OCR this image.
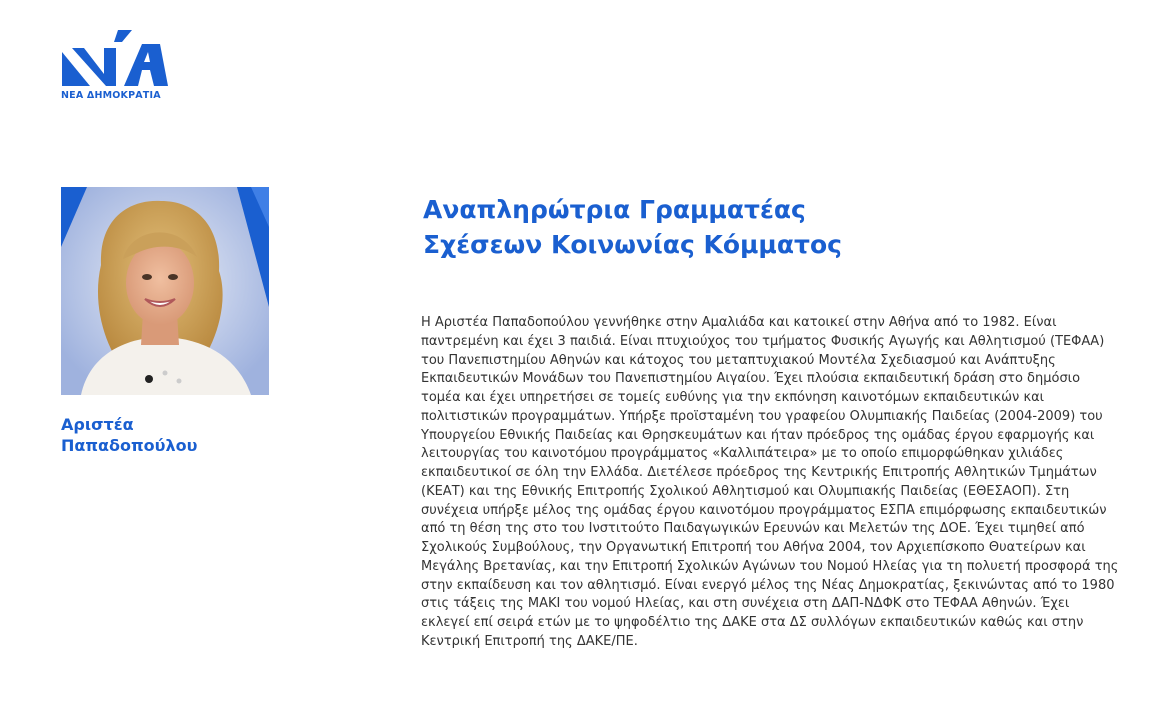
ΝΕΑ ΔΗΜΟΚΡΑΤΙΑ
Αριστέα
Παπαδοπούλου
Αναπληρώτρια Γραμματέας
Σχέσεων Κοινωνίας Κόμματος

Η Αριστέα Παπαδοπούλου γεννήθηκε στην Αμαλιάδα και κατοικεί στην Αθήνα από το 1982. Είναι παντρεμένη και έχει 3 παιδιά. Είναι πτυχιούχος του τμήματος Φυσικής Αγωγής και Αθλητισμού (ΤΕΦΑΑ) του Πανεπιστημίου Αθηνών και κάτοχος του μεταπτυχιακού Μοντέλα Σχεδιασμού και Ανάπτυξης Εκπαιδευτικών Μονάδων του Πανεπιστημίου Αιγαίου. Έχει πλούσια εκπαιδευτική δράση στο δημόσιο τομέα και έχει υπηρετήσει σε τομείς ευθύνης για την εκπόνηση καινοτόμων εκπαιδευτικών και πολιτιστικών προγραμμάτων. Υπήρξε προϊσταμένη του γραφείου Ολυμπιακής Παιδείας (2004-2009) του Υπουργείου Εθνικής Παιδείας και Θρησκευμάτων και ήταν πρόεδρος της ομάδας έργου εφαρμογής και λειτουργίας του καινοτόμου προγράμματος «Καλλιπάτειρα» με το οποίο επιμορφώθηκαν χιλιάδες εκπαιδευτικοί σε όλη την Ελλάδα. Διετέλεσε πρόεδρος της Κεντρικής Επιτροπής Αθλητικών Τμημάτων (ΚΕΑΤ) και της Εθνικής Επιτροπής Σχολικού Αθλητισμού και Ολυμπιακής Παιδείας (ΕΘΕΣΑΟΠ). Στη συνέχεια υπήρξε μέλος της ομάδας έργου καινοτόμου προγράμματος ΕΣΠΑ επιμόρφωσης εκπαιδευτικών από τη θέση της στο του Ινστιτούτο Παιδαγωγικών Ερευνών και Μελετών της ΔΟΕ. Έχει τιμηθεί από Σχολικούς Συμβούλους, την Οργανωτική Επιτροπή του Αθήνα 2004, τον Αρχιεπίσκοπο Θυατείρων και Μεγάλης Βρετανίας, και την Επιτροπή Σχολικών Αγώνων του Νομού Ηλείας για τη πολυετή προσφορά της στην εκπαίδευση και τον αθλητισμό. Είναι ενεργό μέλος της Νέας Δημοκρατίας, ξεκινώντας από το 1980 στις τάξεις της ΜΑΚΙ του νομού Ηλείας, και στη συνέχεια στη ΔΑΠ-ΝΔΦΚ στο ΤΕΦΑΑ Αθηνών. Έχει εκλεγεί επί σειρά ετών με το ψηφοδέλτιο της ΔΑΚΕ στα ΔΣ συλλόγων εκπαιδευτικών καθώς και στην Κεντρική Επιτροπή της ΔΑΚΕ/ΠΕ.
